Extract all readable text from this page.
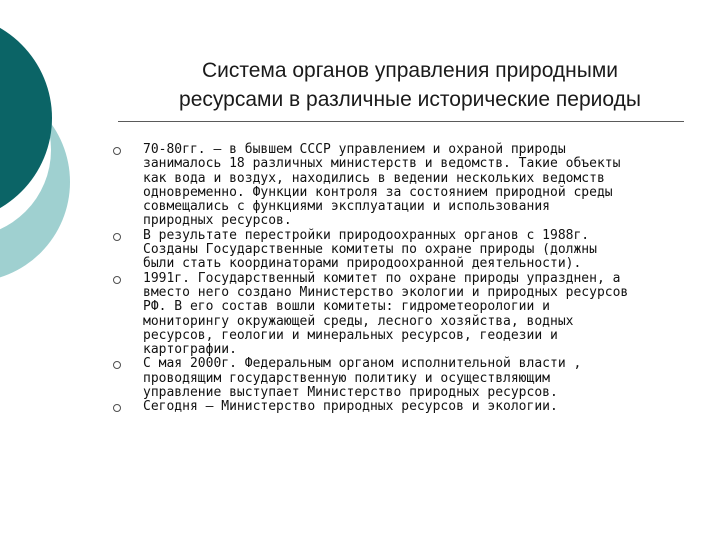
Система органов управления природными
ресурсами в различные исторические периоды
70-80гг. – в бывшем СССР управлением и охраной природы
занималось 18 различных министерств и ведомств. Такие объекты
как вода и воздух, находились в ведении нескольких ведомств
одновременно. Функции контроля за состоянием природной среды
совмещались с функциями эксплуатации и использования
природных ресурсов.
В результате перестройки природоохранных органов с 1988г.
Созданы Государственные комитеты по охране природы (должны
были стать координаторами природоохранной деятельности).
1991г. Государственный комитет по охране природы упразднен, а
вместо него создано Министерство экологии и природных ресурсов
РФ. В его состав вошли комитеты: гидрометеорологии и
мониторингу окружающей среды, лесного хозяйства, водных
ресурсов, геологии и минеральных ресурсов, геодезии и
картографии.
С мая 2000г. Федеральным органом исполнительной власти ,
проводящим государственную политику и осуществляющим
управление выступает Министерство природных ресурсов.
Сегодня – Министерство природных ресурсов и экологии.
